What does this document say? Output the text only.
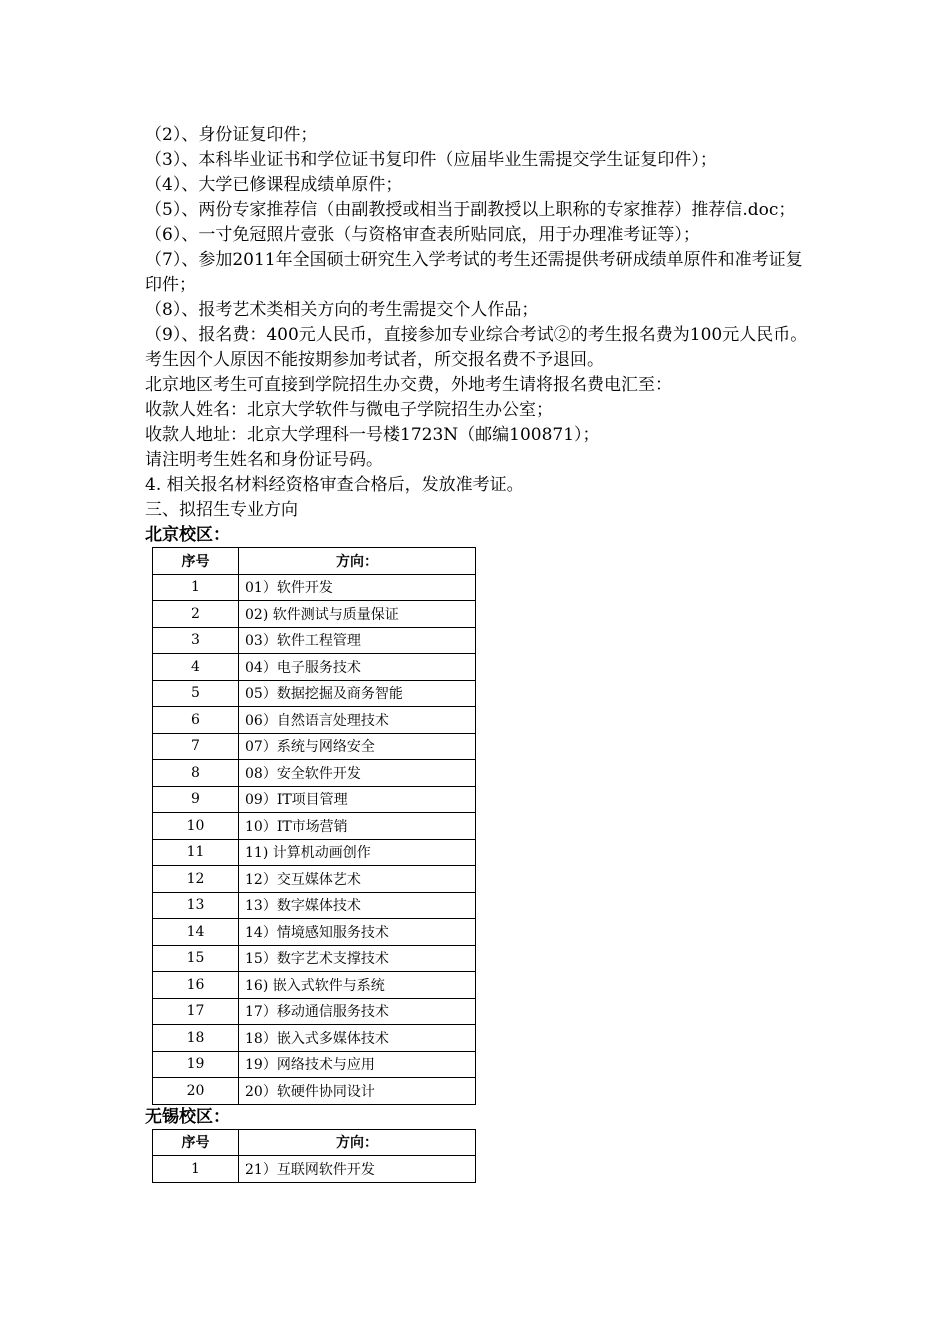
（2）、身份证复印件；

（3）、本科毕业证书和学位证书复印件（应届毕业生需提交学生证复印件）；

（4）、大学已修课程成绩单原件；

（5）、两份专家推荐信（由副教授或相当于副教授以上职称的专家推荐）推荐信.doc；

（6）、一寸免冠照片壹张（与资格审查表所贴同底，用于办理准考证等）；

（7）、参加2011年全国硕士研究生入学考试的考生还需提供考研成绩单原件和准考证复印件；

（8）、报考艺术类相关方向的考生需提交个人作品；

（9）、报名费：400元人民币，直接参加专业综合考试②的考生报名费为100元人民币。考生因个人原因不能按期参加考试者，所交报名费不予退回。

北京地区考生可直接到学院招生办交费，外地考生请将报名费电汇至：

收款人姓名：北京大学软件与微电子学院招生办公室；

收款人地址：北京大学理科一号楼1723N（邮编100871）；

请注明考生姓名和身份证号码。

4. 相关报名材料经资格审查合格后，发放准考证。

三、拟招生专业方向

北京校区：

序号	方向：
1	01）软件开发
2	02) 软件测试与质量保证
3	03）软件工程管理
4	04）电子服务技术
5	05）数据挖掘及商务智能
6	06）自然语言处理技术
7	07）系统与网络安全
8	08）安全软件开发
9	09）IT项目管理
10	10）IT市场营销
11	11) 计算机动画创作
12	12）交互媒体艺术
13	13）数字媒体技术
14	14）情境感知服务技术
15	15）数字艺术支撑技术
16	16) 嵌入式软件与系统
17	17）移动通信服务技术
18	18）嵌入式多媒体技术
19	19）网络技术与应用
20	20）软硬件协同设计

无锡校区：

序号	方向：
1	21）互联网软件开发
